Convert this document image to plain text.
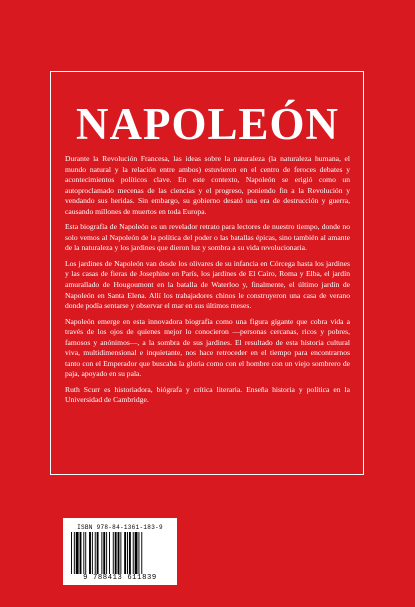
NAPOLEÓN

Durante la Revolución Francesa, las ideas sobre la naturaleza (la naturaleza humana, el mundo natural y la relación entre ambos) estuvieron en el centro de feroces debates y acontecimientos políticos clave. En este contexto, Napoleón se erigió como un autoproclamado mecenas de las ciencias y el progreso, poniendo fin a la Revolución y vendando sus heridas. Sin embargo, su gobierno desató una era de destrucción y guerra, causando millones de muertos en toda Europa.

Esta biografía de Napoleón es un revelador retrato para lectores de nuestro tiempo, donde no solo vemos al Napoleón de la política del poder o las batallas épicas, sino también al amante de la naturaleza y los jardines que dieron luz y sombra a su vida revolucionaria.

Los jardines de Napoleón van desde los olivares de su infancia en Córcega hasta los jardines y las casas de fieras de Josephine en París, los jardines de El Cairo, Roma y Elba, el jardín amurallado de Hougoumont en la batalla de Waterloo y, finalmente, el último jardín de Napoleón en Santa Elena. Allí los trabajadores chinos le construyeron una casa de verano donde podía sentarse y observar el mar en sus últimos meses.

Napoleón emerge en esta innovadora biografía como una figura gigante que cobra vida a través de los ojos de quienes mejor lo conocieron —personas cercanas, ricos y pobres, famosos y anónimos—, a la sombra de sus jardines. El resultado de esta historia cultural viva, multidimensional e inquietante, nos hace retroceder en el tiempo para encontrarnos tanto con el Emperador que buscaba la gloria como con el hombre con un viejo sombrero de paja, apoyado en su pala.

Ruth Scurr es historiadora, biógrafa y crítica literaria. Enseña historia y política en la Universidad de Cambridge.

ISBN 978-84-1361-183-9
9 788413 611839
